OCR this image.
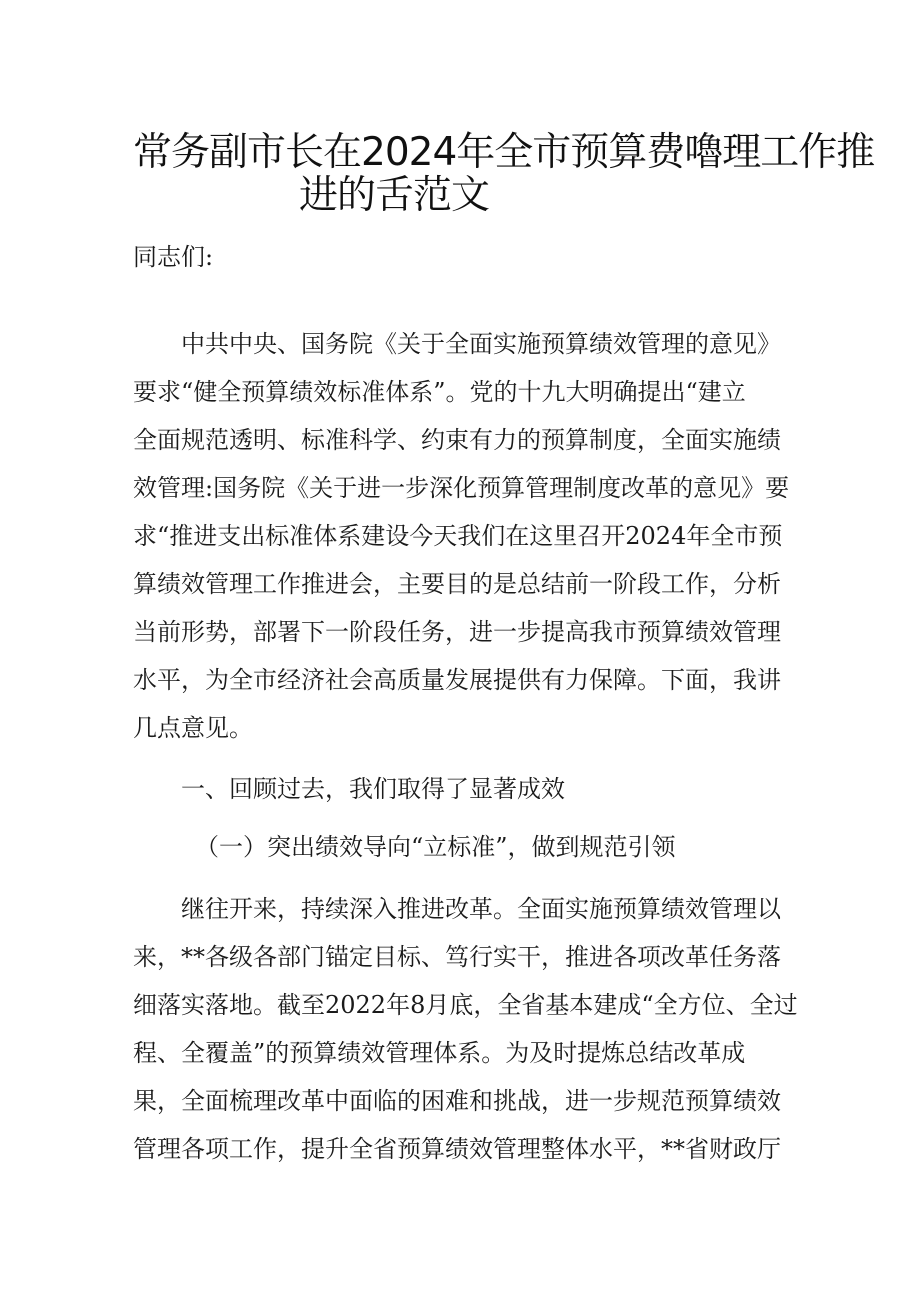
常务副市长在2024年全市预算费嚕理工作推
进的舌范文
同志们:
中共中央、国务院《关于全面实施预算绩效管理的意见》
要求“健全预算绩效标准体系”。党的十九大明确提出“建立
全面规范透明、标准科学、约束有力的预算制度，全面实施绩
效管理:国务院《关于进一步深化预算管理制度改革的意见》要
求“推进支出标准体系建设今天我们在这里召开2024年全市预
算绩效管理工作推进会，主要目的是总结前一阶段工作，分析
当前形势，部署下一阶段任务，进一步提高我市预算绩效管理
水平，为全市经济社会高质量发展提供有力保障。下面，我讲
几点意见。
一、回顾过去，我们取得了显著成效
（一）突出绩效导向“立标准”，做到规范引领
继往开来，持续深入推进改革。全面实施预算绩效管理以
来，**各级各部门锚定目标、笃行实干，推进各项改革任务落
细落实落地。截至2022年8月底，全省基本建成“全方位、全过
程、全覆盖”的预算绩效管理体系。为及时提炼总结改革成
果，全面梳理改革中面临的困难和挑战，进一步规范预算绩效
管理各项工作，提升全省预算绩效管理整体水平，**省财政厅
